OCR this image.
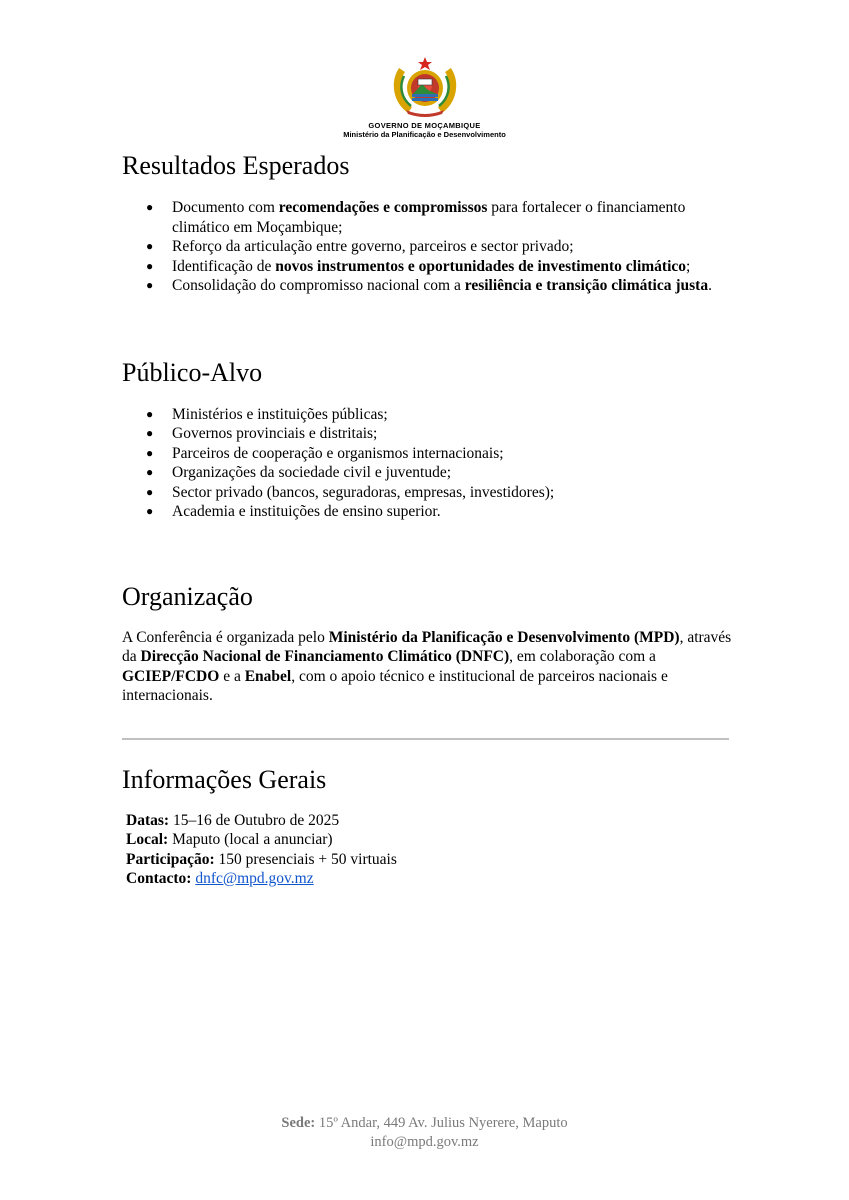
GOVERNO DE MOÇAMBIQUE
Ministério da Planificação e Desenvolvimento
Resultados Esperados
● Documento com recomendações e compromissos para fortalecer o financiamento climático em Moçambique;
● Reforço da articulação entre governo, parceiros e sector privado;
● Identificação de novos instrumentos e oportunidades de investimento climático;
● Consolidação do compromisso nacional com a resiliência e transição climática justa.
Público-Alvo
● Ministérios e instituições públicas;
● Governos provinciais e distritais;
● Parceiros de cooperação e organismos internacionais;
● Organizações da sociedade civil e juventude;
● Sector privado (bancos, seguradoras, empresas, investidores);
● Academia e instituições de ensino superior.
Organização

A Conferência é organizada pelo Ministério da Planificação e Desenvolvimento (MPD), através da Direcção Nacional de Financiamento Climático (DNFC), em colaboração com a GCIEP/FCDO e a Enabel, com o apoio técnico e institucional de parceiros nacionais e internacionais.

Informações Gerais
Datas: 15–16 de Outubro de 2025
Local: Maputo (local a anunciar)
Participação: 150 presenciais + 50 virtuais
Contacto: dnfc@mpd.gov.mz
Sede: 15º Andar, 449 Av. Julius Nyerere, Maputo
info@mpd.gov.mz
